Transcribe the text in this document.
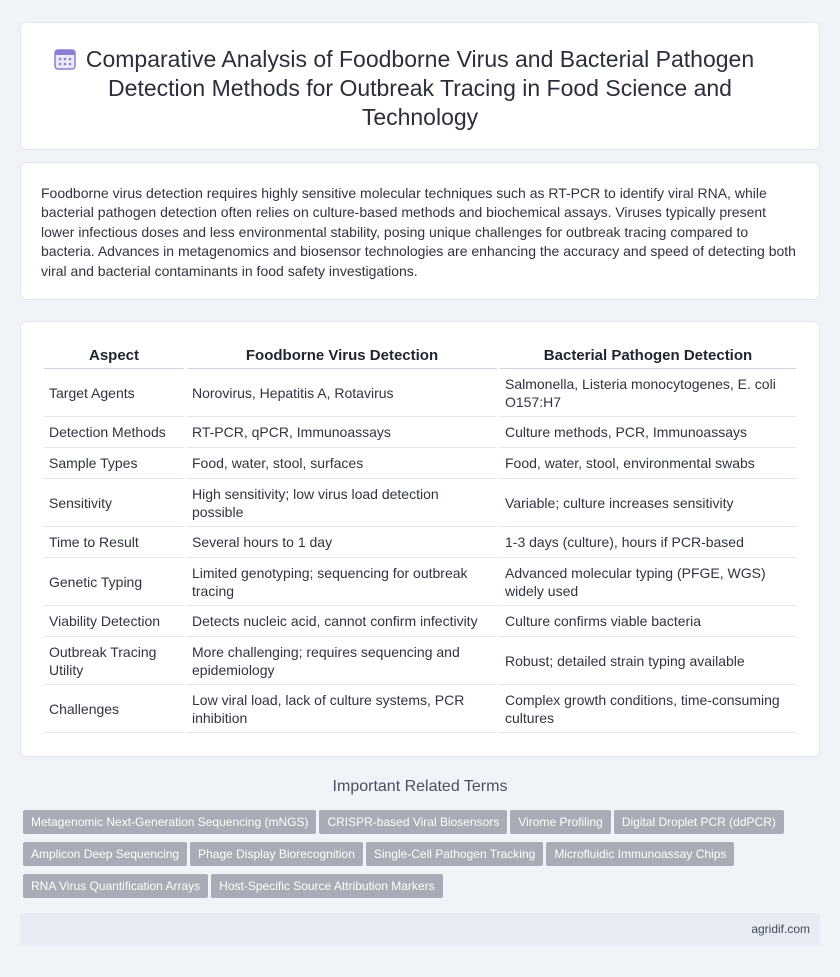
Comparative Analysis of Foodborne Virus and Bacterial Pathogen Detection Methods for Outbreak Tracing in Food Science and Technology

Foodborne virus detection requires highly sensitive molecular techniques such as RT-PCR to identify viral RNA, while bacterial pathogen detection often relies on culture-based methods and biochemical assays. Viruses typically present lower infectious doses and less environmental stability, posing unique challenges for outbreak tracing compared to bacteria. Advances in metagenomics and biosensor technologies are enhancing the accuracy and speed of detecting both viral and bacterial contaminants in food safety investigations.

Aspect	Foodborne Virus Detection	Bacterial Pathogen Detection
Target Agents	Norovirus, Hepatitis A, Rotavirus	Salmonella, Listeria monocytogenes, E. coli O157:H7
Detection Methods	RT-PCR, qPCR, Immunoassays	Culture methods, PCR, Immunoassays
Sample Types	Food, water, stool, surfaces	Food, water, stool, environmental swabs
Sensitivity	High sensitivity; low virus load detection possible	Variable; culture increases sensitivity
Time to Result	Several hours to 1 day	1-3 days (culture), hours if PCR-based
Genetic Typing	Limited genotyping; sequencing for outbreak tracing	Advanced molecular typing (PFGE, WGS) widely used
Viability Detection	Detects nucleic acid, cannot confirm infectivity	Culture confirms viable bacteria
Outbreak Tracing Utility	More challenging; requires sequencing and epidemiology	Robust; detailed strain typing available
Challenges	Low viral load, lack of culture systems, PCR inhibition	Complex growth conditions, time-consuming cultures
Important Related Terms
Metagenomic Next-Generation Sequencing (mNGS) CRISPR-based Viral Biosensors Virome Profiling Digital Droplet PCR (ddPCR)Amplicon Deep Sequencing Phage Display Biorecognition Single-Cell Pathogen Tracking Microfluidic Immunoassay ChipsRNA Virus Quantification Arrays Host-Specific Source Attribution Markers
agridif.com
